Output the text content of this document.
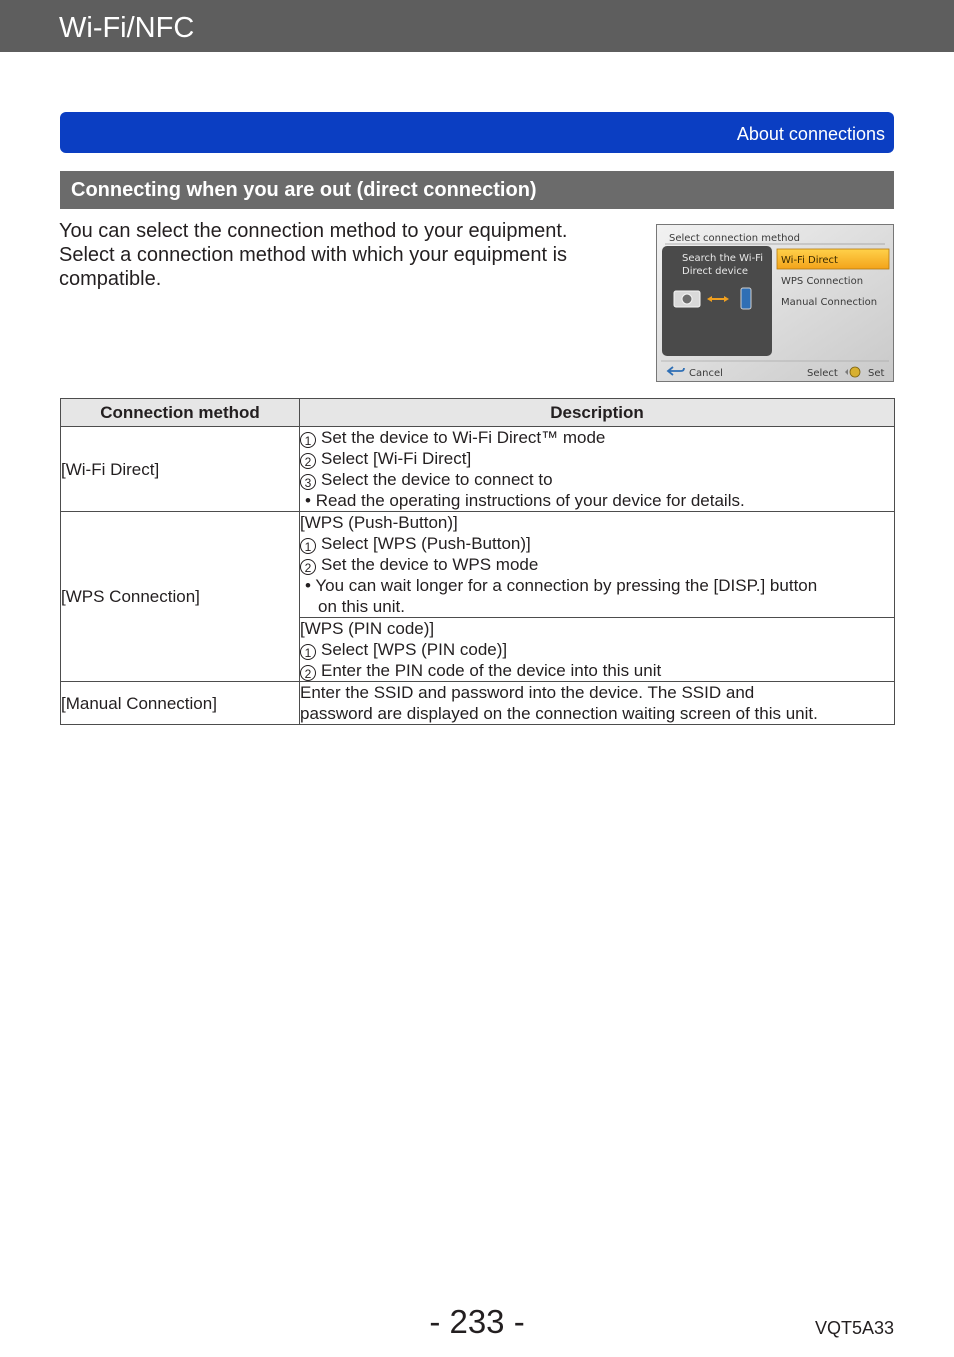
Wi-Fi/NFC
About connections
Connecting when you are out (direct connection)
You can select the connection method to your equipment.
Select a connection method with which your equipment is
compatible.
Select connection method
Search the Wi-Fi
Direct device
Wi-Fi Direct
WPS Connection
Manual Connection
Cancel	Select	Set
Connection method	Description
[Wi-Fi Direct]	1 Set the device to Wi-Fi Direct™ mode
2 Select [Wi-Fi Direct]
3 Select the device to connect to
• Read the operating instructions of your device for details.

[WPS Connection]	[WPS (Push-Button)]
1 Select [WPS (Push-Button)]
2 Set the device to WPS mode
• You can wait longer for a connection by pressing the [DISP.] button
on this unit.

	[WPS (PIN code)]
1 Select [WPS (PIN code)]
2 Enter the PIN code of the device into this unit

[Manual Connection]	Enter the SSID and password into the device. The SSID and
password are displayed on the connection waiting screen of this unit.
- 233 -	VQT5A33
